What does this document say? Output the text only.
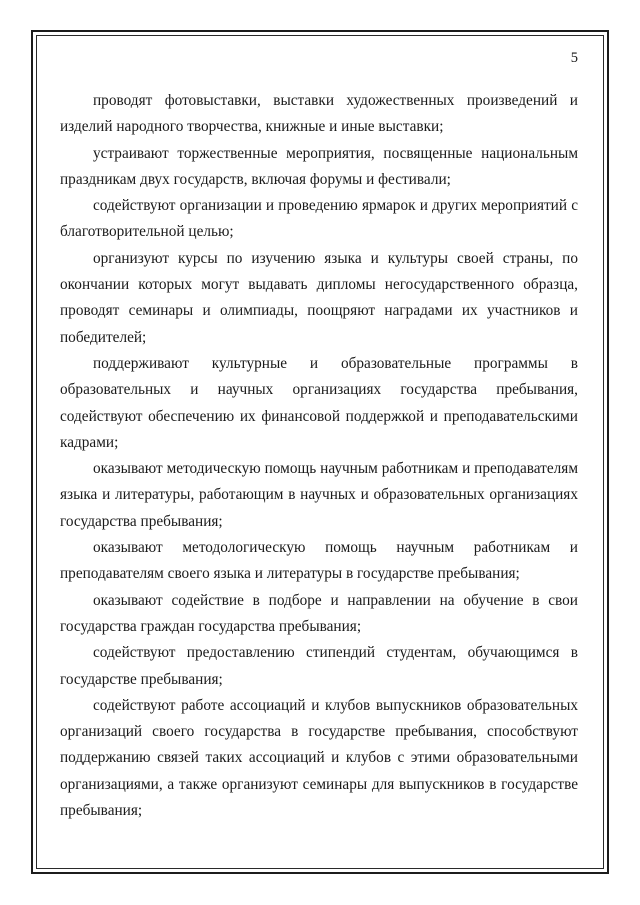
5

проводят фотовыставки, выставки художественных произведений и изделий народного творчества, книжные и иные выставки;

устраивают торжественные мероприятия, посвященные национальным праздникам двух государств, включая форумы и фестивали;

содействуют организации и проведению ярмарок и других мероприятий с благотворительной целью;

организуют курсы по изучению языка и культуры своей страны, по окончании которых могут выдавать дипломы негосударственного образца, проводят семинары и олимпиады, поощряют наградами их участников и победителей;

поддерживают культурные и образовательные программы в образовательных и научных организациях государства пребывания, содействуют обеспечению их финансовой поддержкой и преподавательскими кадрами;

оказывают методическую помощь научным работникам и преподавателям языка и литературы, работающим в научных и образовательных организациях государства пребывания;

оказывают методологическую помощь научным работникам и преподавателям своего языка и литературы в государстве пребывания;

оказывают содействие в подборе и направлении на обучение в свои государства граждан государства пребывания;

содействуют предоставлению стипендий студентам, обучающимся в государстве пребывания;

содействуют работе ассоциаций и клубов выпускников образовательных организаций своего государства в государстве пребывания, способствуют поддержанию связей таких ассоциаций и клубов с этими образовательными организациями, а также организуют семинары для выпускников в государстве пребывания;
